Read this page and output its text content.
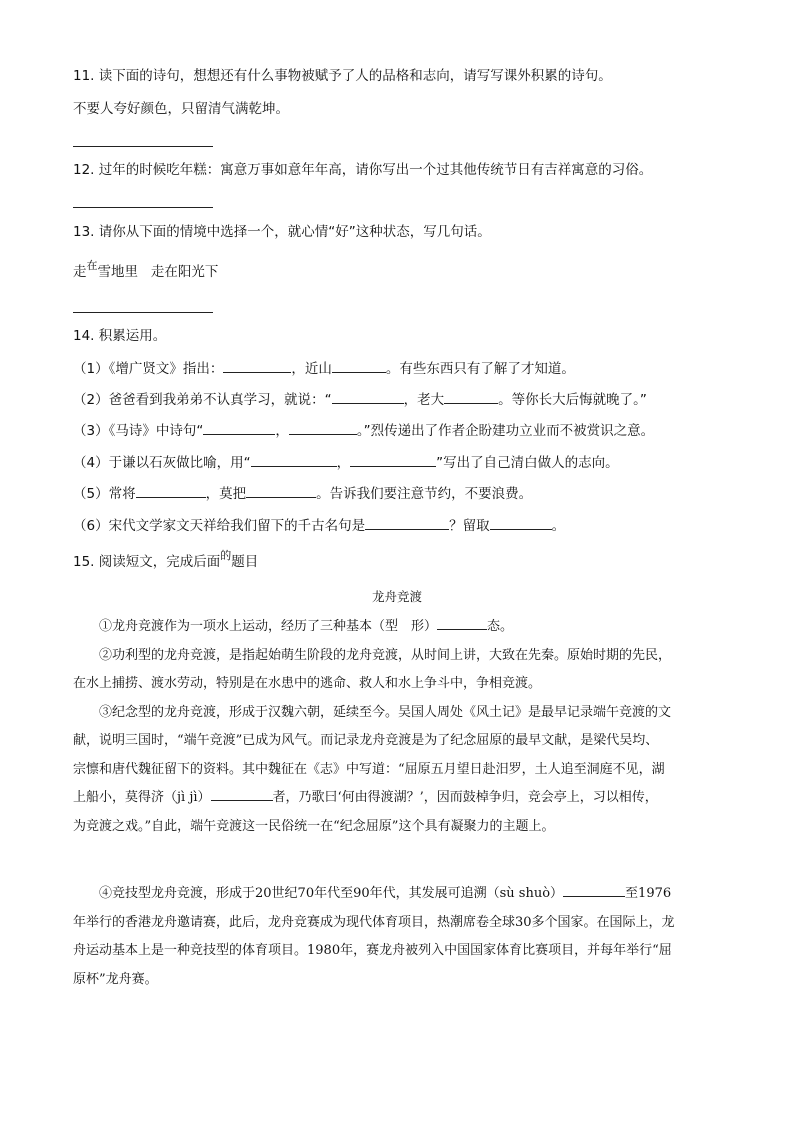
11. 读下面的诗句，想想还有什么事物被赋予了人的品格和志向，请写写课外积累的诗句。
不要人夸好颜色，只留清气满乾坤。
12. 过年的时候吃年糕：寓意万事如意年年高，请你写出一个过其他传统节日有吉祥寓意的习俗。
13. 请你从下面的情境中选择一个，就心情“好”这种状态，写几句话。
走$^在$雪地里 走在阳光下
14. 积累运用。
（1）《增广贤文》指出：	，近山	。有些东西只有了解了才知道。
（2）爸爸看到我弟弟不认真学习，就说：“	，老大	。等你长大后悔就晚了。”
（3）《马诗》中诗句“	，	。”烈传递出了作者企盼建功立业而不被赏识之意。
（4）于谦以石灰做比喻，用“	，	”写出了自己清白做人的志向。
（5）常将	，莫把	。告诉我们要注意节约，不要浪费。
（6）宋代文学家文天祥给我们留下的千古名句是	？留取	。
15. 阅读短文，完成后面$^的$题目
龙舟竞渡

①龙舟竞渡作为一项水上运动，经历了三种基本（型　形）	态。

②功利型的龙舟竞渡，是指起始萌生阶段的龙舟竞渡，从时间上讲，大致在先秦。原始时期的先民，

在水上捕捞、渡水劳动，特别是在水患中的逃命、救人和水上争斗中，争相竞渡。

③纪念型的龙舟竞渡，形成于汉魏六朝，延续至今。吴国人周处《风土记》是最早记录端午竞渡的文

献，说明三国时，“端午竞渡”已成为风气。而记录龙舟竞渡是为了纪念屈原的最早文献，是梁代吴均、

宗懔和唐代魏征留下的资料。其中魏征在《志》中写道：“屈原五月望日赴汨罗，土人追至洞庭不见，湖

上船小，莫得济（jì jì）	者，乃歌曰‘何由得渡湖？’，因而鼓棹争归，竞会亭上，习以相传，

为竞渡之戏。”自此，端午竞渡这一民俗统一在“纪念屈原”这个具有凝聚力的主题上。

④竞技型龙舟竞渡，形成于20世纪70年代至90年代，其发展可追溯（sù shuò）	至1976

年举行的香港龙舟邀请赛，此后，龙舟竞赛成为现代体育项目，热潮席卷全球30多个国家。在国际上，龙

舟运动基本上是一种竞技型的体育项目。1980年，赛龙舟被列入中国国家体育比赛项目，并每年举行“屈

原杯”龙舟赛。
